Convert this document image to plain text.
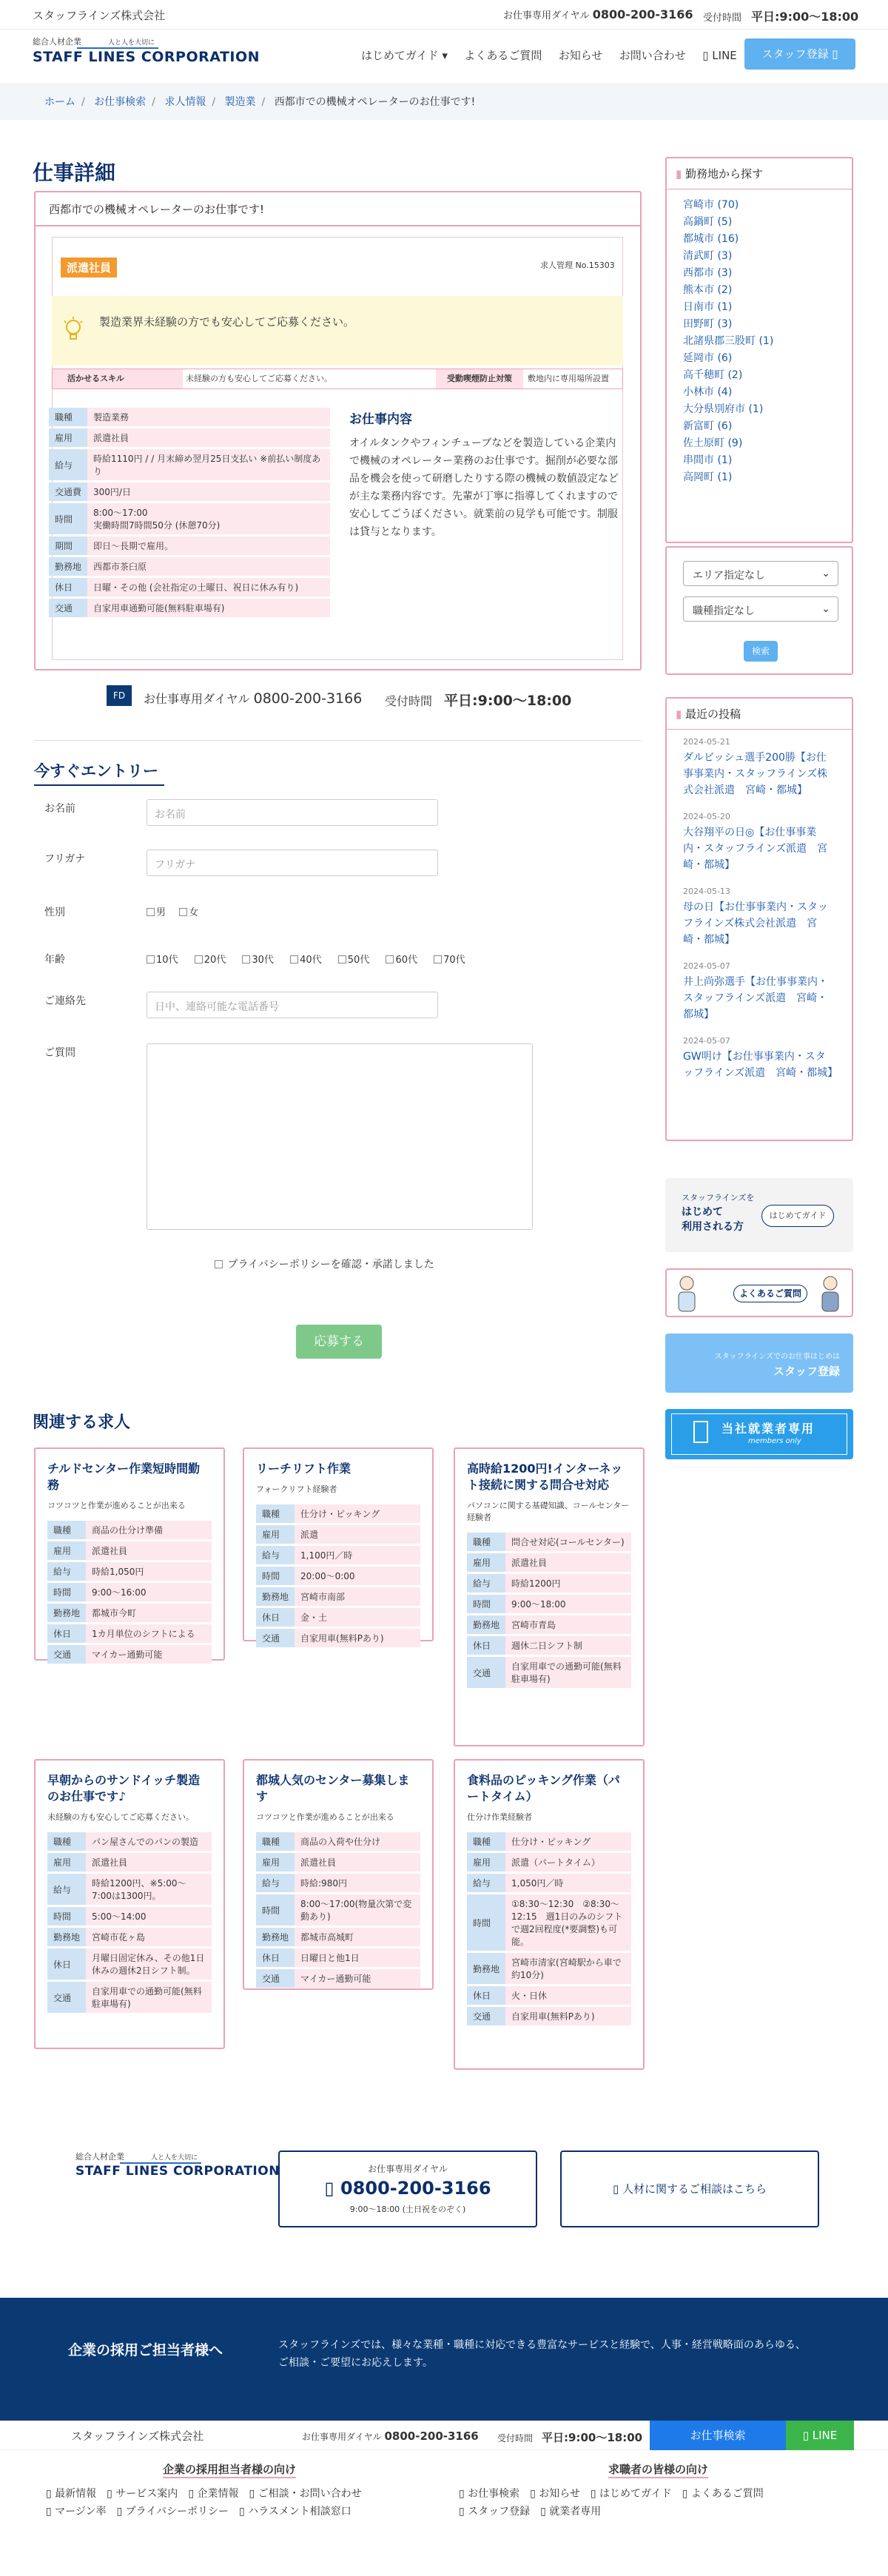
スタッフラインズ株式会社	お仕事専用ダイヤル 0800-200-3166 受付時間　 平日:9:00〜18:00
総合人材企業	人と人を大切に
STAFF LINES CORPORATION	はじめてガイド ▾ よくあるご質問 お知らせ お問い合わせ ▯ LINE	スタッフ登録 ▯
ホーム / お仕事検索 / 求人情報 / 製造業 / 西都市での機械オペレーターのお仕事です!
仕事詳細
西都市での機械オペレーターのお仕事です!
派遣社員	求人管理 No.15303
製造業界未経験の方でも安心してご応募ください。
活かせるスキル	未経験の方も安心してご応募ください。	受動喫煙防止対策	敷地内に専用場所設置
職種	製造業務
雇用	派遣社員
給与	時給1110円 / / 月末締め翌月25日支払い ※前払い制度あり
交通費	300円/日
時間	8:00〜17:00
実働時間7時間50分 (休憩70分)
期間	即日〜長期で雇用。
勤務地	西都市茶臼原
休日	日曜・その他 (会社指定の土曜日、祝日に休み有り)
交通	自家用車通勤可能(無料駐車場有)
お仕事内容
オイルタンクやフィンチューブなどを製造している企業内で機械のオペレーター業務のお仕事です。掘削が必要な部品を機会を使って研磨したりする際の機械の数値設定などが主な業務内容です。先輩が丁寧に指導してくれますので安心してごうぼください。就業前の見学も可能です。制服は貸与となります。
FD	お仕事専用ダイヤル 0800-200-3166 受付時間　 平日:9:00〜18:00
今すぐエントリー
お名前	お名前
フリガナ	フリガナ
性別	男 女
年齢	10代	20代	30代	40代	50代	60代	70代
ご連絡先	日中、連絡可能な電話番号
ご質問
プライバシーポリシーを確認・承諾しました
応募する
関連する求人
チルドセンター作業短時間勤務

コツコツと作業が進めることが出来る

職種	商品の仕分け準備
雇用	派遣社員
給与	時給1,050円
時間	9:00〜16:00
勤務地	都城市今町
休日	1カ月単位のシフトによる
交通	マイカー通勤可能
リーチリフト作業

フォークリフト経験者

職種	仕分け・ピッキング
雇用	派遣
給与	1,100円／時
時間	20:00〜0:00
勤務地	宮崎市南部
休日	金・土
交通	自家用車(無料Pあり)
高時給1200円!インターネット接続に関する問合せ対応

パソコンに関する基礎知識、コールセンター経験者

職種	問合せ対応(コールセンター)
雇用	派遣社員
給与	時給1200円
時間	9:00〜18:00
勤務地	宮崎市青島
休日	週休二日シフト制
交通	自家用車での通勤可能(無料駐車場有)
早朝からのサンドイッチ製造のお仕事です♪

未経験の方も安心してご応募ください。

職種	パン屋さんでのパンの製造
雇用	派遣社員
給与	時給1200円、※5:00〜7:00は1300円。
時間	5:00〜14:00
勤務地	宮崎市花ヶ島
休日	月曜日固定休み、その他1日休みの週休2日シフト制。
交通	自家用車での通勤可能(無料駐車場有)
都城人気のセンター募集します

コツコツと作業が進めることが出来る

職種	商品の入荷や仕分け
雇用	派遣社員
給与	時給:980円
時間	8:00〜17:00(物量次第で変動あり)
勤務地	都城市高城町
休日	日曜日と他1日
交通	マイカー通勤可能
食料品のピッキング作業（パートタイム）

仕分け作業経験者

職種	仕分け・ピッキング
雇用	派遣（パートタイム）
給与	1,050円／時
時間	①8:30〜12:30　②8:30〜12:15　週1日のみのシフトで週2回程度(*要調整)も可能。
勤務地	宮崎市清家(宮崎駅から車で約10分)
休日	火・日休
交通	自家用車(無料Pあり)
▮ 勤務地から探す
宮崎市 (70)
高鍋町 (5)
都城市 (16)
清武町 (3)
西都市 (3)
熊本市 (2)
日南市 (1)
田野町 (3)
北諸県郡三股町 (1)
延岡市 (6)
高千穂町 (2)
小林市 (4)
大分県別府市 (1)
新富町 (6)
佐土原町 (9)
串間市 (1)
高岡町 (1)
エリア指定なし	⌄
職種指定なし	⌄
検索
▮ 最近の投稿
2024-05-21
ダルビッシュ選手200勝【お仕事事業内・スタッフラインズ株式会社派遣　宮崎・都城】
2024-05-20
大谷翔平の日◎【お仕事事業内・スタッフラインズ派遣　宮崎・都城】
2024-05-13
母の日【お仕事事業内・スタッフラインズ株式会社派遣　宮崎・都城】
2024-05-07
井上尚弥選手【お仕事事業内・スタッフラインズ派遣　宮崎・都城】
2024-05-07
GW明け【お仕事事業内・スタッフラインズ派遣　宮崎・都城】
スタッフラインズを
はじめて
利用される方
はじめてガイド
よくあるご質問
スタッフラインズでのお仕事はじめは
スタッフ登録
当社就業者専用
members only
総合人材企業	人と人を大切に
STAFF LINES CORPORATION	お仕事専用ダイヤル
▯ 0800-200-3166
9:00〜18:00 (土日祝をのぞく)
▯ 人材に関するご相談はこちら
企業の採用ご担当者様へ	スタッフラインズでは、様々な業種・職種に対応できる豊富なサービスと経験で、人事・経営戦略面のあらゆる、ご相談・ご要望にお応えします。
スタッフラインズ株式会社	お仕事専用ダイヤル 0800-200-3166 受付時間　 平日:9:00〜18:00	お仕事検索	▯ LINE
企業の採用担当者様の向け	求職者の皆様の向け
▯ 最新情報 ▯ サービス案内 ▯ 企業情報 ▯ ご相談・お問い合わせ▯ マージン率 ▯ プライバシーポリシー ▯ ハラスメント相談窓口
▯ お仕事検索 ▯ お知らせ ▯ はじめてガイド ▯ よくあるご質問▯ スタッフ登録 ▯ 就業者専用
